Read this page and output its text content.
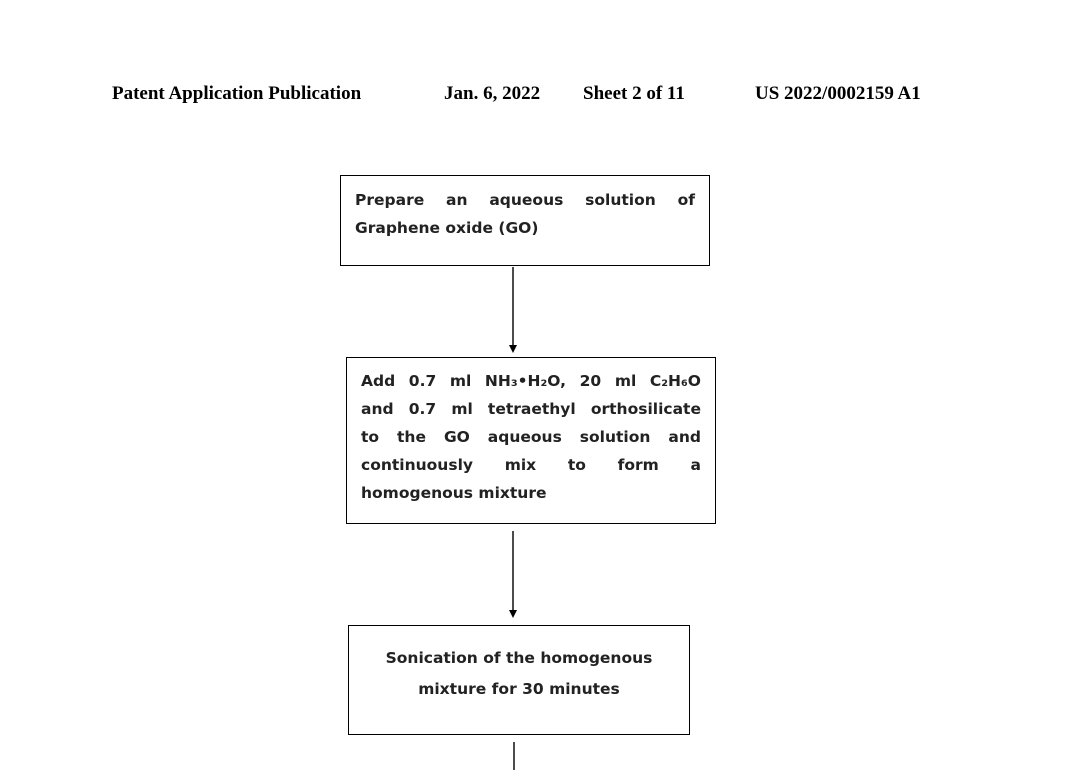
Patent Application Publication	Jan. 6, 2022 Sheet 2 of 11	US 2022/0002159 A1
Prepare an aqueous solution of
Graphene oxide (GO)
Add 0.7 ml NH₃•H₂O, 20 ml C₂H₆O
and 0.7 ml tetraethyl orthosilicate
to the GO aqueous solution and
continuously mix to form a
homogenous mixture
Sonication of the homogenous
mixture for 30 minutes
